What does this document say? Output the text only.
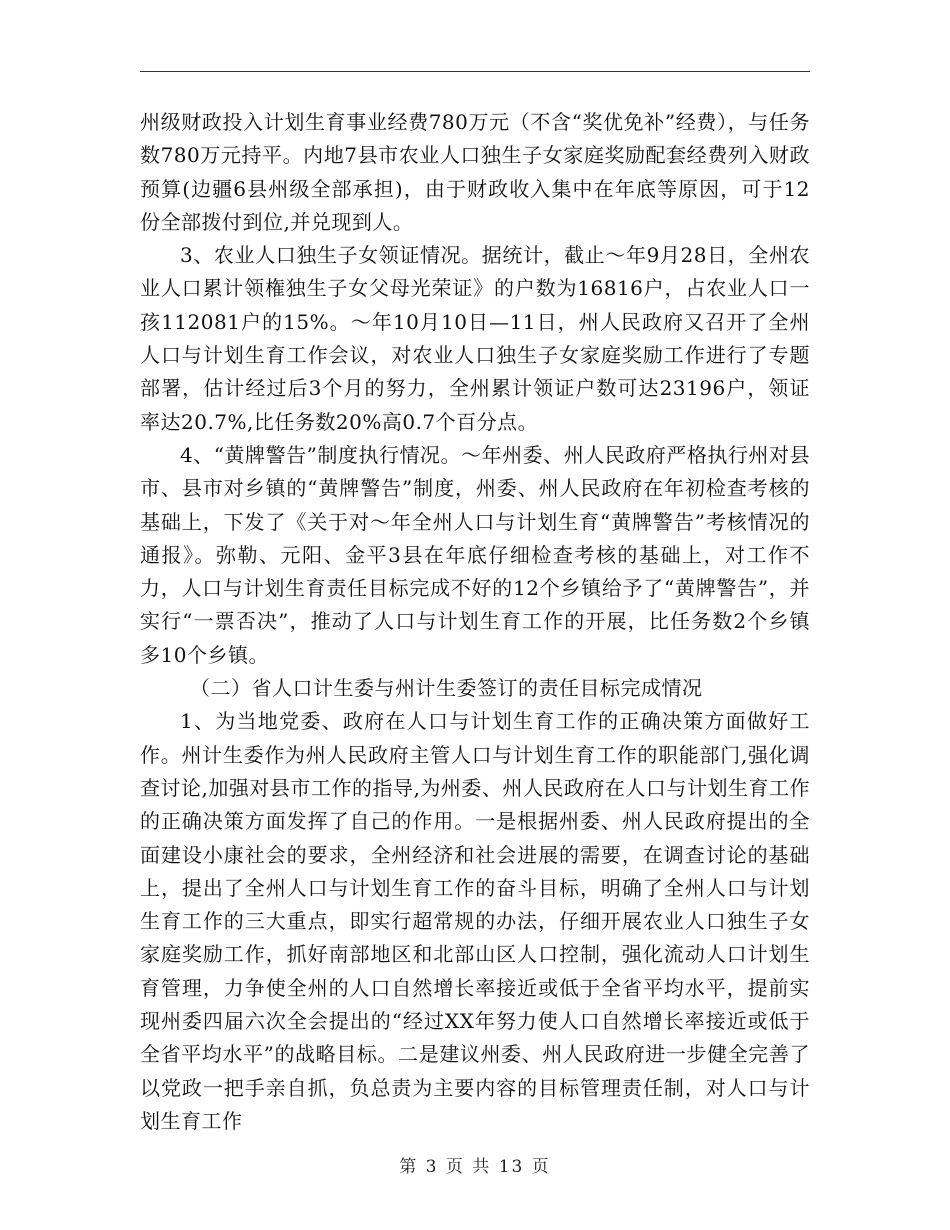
州级财政投入计划生育事业经费780万元（不含“奖优免补”经费），与任务数780万元持平。内地7县市农业人口独生子女家庭奖励配套经费列入财政预算(边疆6县州级全部承担)，由于财政收入集中在年底等原因，可于12份全部拨付到位,并兑现到人。

3、农业人口独生子女领证情况。据统计，截止～年9月28日，全州农业人口累计领権独生子女父母光荣证》的户数为16816户，占农业人口一孩112081户的15%。～年10月10日—11日，州人民政府又召开了全州人口与计划生育工作会议，对农业人口独生子女家庭奖励工作进行了专题部署，估计经过后3个月的努力，全州累计领证户数可达23196户，领证率达20.7%,比任务数20%高0.7个百分点。

4、“黄牌警告”制度执行情况。～年州委、州人民政府严格执行州对县市、县市对乡镇的“黄牌警告”制度，州委、州人民政府在年初检查考核的基础上，下发了《关于对～年全州人口与计划生育“黄牌警告”考核情况的通报》。弥勒、元阳、金平3县在年底仔细检查考核的基础上，对工作不力，人口与计划生育责任目标完成不好的12个乡镇给予了“黄牌警告”，并实行“一票否决”，推动了人口与计划生育工作的开展，比任务数2个乡镇多10个乡镇。

（二）省人口计生委与州计生委签订的责任目标完成情况

1、为当地党委、政府在人口与计划生育工作的正确决策方面做好工作。州计生委作为州人民政府主管人口与计划生育工作的职能部门,强化调查讨论,加强对县市工作的指导,为州委、州人民政府在人口与计划生育工作的正确决策方面发挥了自己的作用。一是根据州委、州人民政府提出的全面建设小康社会的要求，全州经济和社会进展的需要，在调查讨论的基础上，提出了全州人口与计划生育工作的奋斗目标，明确了全州人口与计划生育工作的三大重点，即实行超常规的办法，仔细开展农业人口独生子女家庭奖励工作，抓好南部地区和北部山区人口控制，强化流动人口计划生育管理，力争使全州的人口自然增长率接近或低于全省平均水平，提前实现州委四届六次全会提出的“经过XX年努力使人口自然增长率接近或低于全省平均水平”的战略目标。二是建议州委、州人民政府进一步健全完善了以党政一把手亲自抓，负总责为主要内容的目标管理责任制，对人口与计划生育工作

第 3 页 共 13 页
